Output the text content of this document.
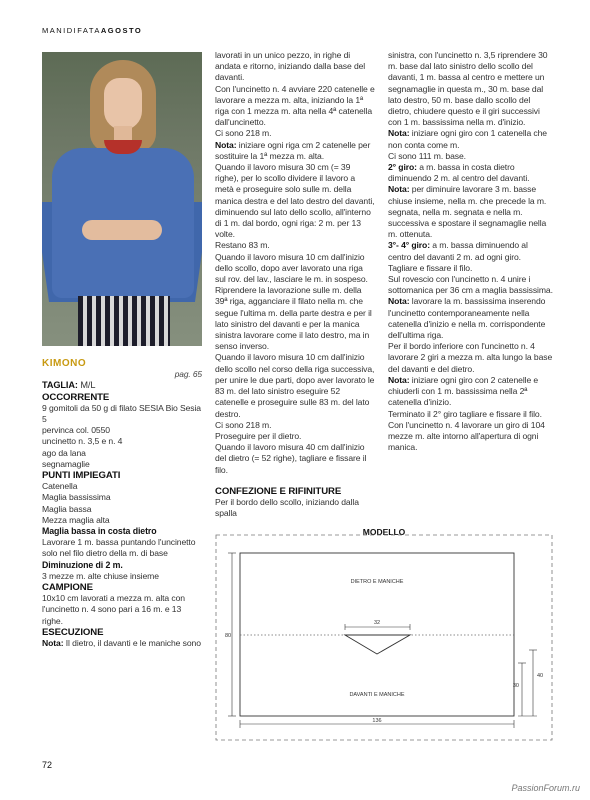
MANIDIFATAAGOSTO

KIMONO

pag. 65

TAGLIA: M/L

OCCORRENTE

9 gomitoli da 50 g di filato SESIA Bio Sesia 5

pervinca col. 0550

uncinetto n. 3,5 e n. 4

ago da lana

segnamaglie

PUNTI IMPIEGATI

Catenella

Maglia bassissima

Maglia bassa

Mezza maglia alta

Maglia bassa in costa dietro

Lavorare 1 m. bassa puntando l'uncinetto solo nel filo dietro della m. di base

Diminuzione di 2 m.

3 mezze m. alte chiuse insieme

CAMPIONE

10x10 cm lavorati a mezza m. alta con l'uncinetto n. 4 sono pari a 16 m. e 13 righe.

ESECUZIONE

Nota: Il dietro, il davanti e le maniche sono

lavorati in un unico pezzo, in righe di andata e ritorno, iniziando dalla base del davanti.

Con l'uncinetto n. 4 avviare 220 catenelle e lavorare a mezza m. alta, iniziando la 1ª riga con 1 mezza m. alta nella 4ª catenella dall'uncinetto.

Ci sono 218 m.

Nota: iniziare ogni riga cm 2 catenelle per sostituire la 1ª mezza m. alta.

Quando il lavoro misura 30 cm (= 39 righe), per lo scollo dividere il lavoro a metà e proseguire solo sulle m. della manica destra e del lato destro del davanti, diminuendo sul lato dello scollo, all'interno di 1 m. dal bordo, ogni riga: 2 m. per 13 volte.

Restano 83 m.

Quando il lavoro misura 10 cm dall'inizio dello scollo, dopo aver lavorato una riga sul rov. del lav., lasciare le m. in sospeso.

Riprendere la lavorazione sulle m. della 39ª riga, agganciare il filato nella m. che segue l'ultima m. della parte destra e per il lato sinistro del davanti e per la manica sinistra lavorare come il lato destro, ma in senso inverso.

Quando il lavoro misura 10 cm dall'inizio dello scollo nel corso della riga successiva, per unire le due parti, dopo aver lavorato le 83 m. del lato sinistro eseguire 52 catenelle e proseguire sulle 83 m. del lato destro.

Ci sono 218 m.

Proseguire per il dietro.

Quando il lavoro misura 40 cm dall'inizio del dietro (= 52 righe), tagliare e fissare il filo.

CONFEZIONE E RIFINITURE

Per il bordo dello scollo, iniziando dalla spalla

sinistra, con l'uncinetto n. 3,5 riprendere 30 m. base dal lato sinistro dello scollo del davanti, 1 m. bassa al centro e mettere un segnamaglie in questa m., 30 m. base dal lato destro, 50 m. base dallo scollo del dietro, chiudere questo e il giri successivi con 1 m. bassissima nella m. d'inizio.

Nota: iniziare ogni giro con 1 catenella che non conta come m.

Ci sono 111 m. base.

2° giro: a m. bassa in costa dietro diminuendo 2 m. al centro del davanti.

Nota: per diminuire lavorare 3 m. basse chiuse insieme, nella m. che precede la m. segnata, nella m. segnata e nella m. successiva e spostare il segnamaglie nella m. ottenuta.

3°- 4° giro: a m. bassa diminuendo al centro del davanti 2 m. ad ogni giro.

Tagliare e fissare il filo.

Sul rovescio con l'uncinetto n. 4 unire i sottomanica per 36 cm a maglia bassissima.

Nota: lavorare la m. bassissima inserendo l'uncinetto contemporaneamente nella catenella d'inizio e nella m. corrispondente dell'ultima riga.

Per il bordo inferiore con l'uncinetto n. 4 lavorare 2 giri a mezza m. alta lungo la base del davanti e del dietro.

Nota: iniziare ogni giro con 2 catenelle e chiuderli con 1 m. bassissima nella 2ª catenella d'inizio.

Terminato il 2° giro tagliare e fissare il filo.

Con l'uncinetto n. 4 lavorare un giro di 104 mezze m. alte intorno all'apertura di ogni manica.

MODELLO
DIETRO E MANICHE
DAVANTI E MANICHE
32
136
80
30
40
72
PassionForum.ru
